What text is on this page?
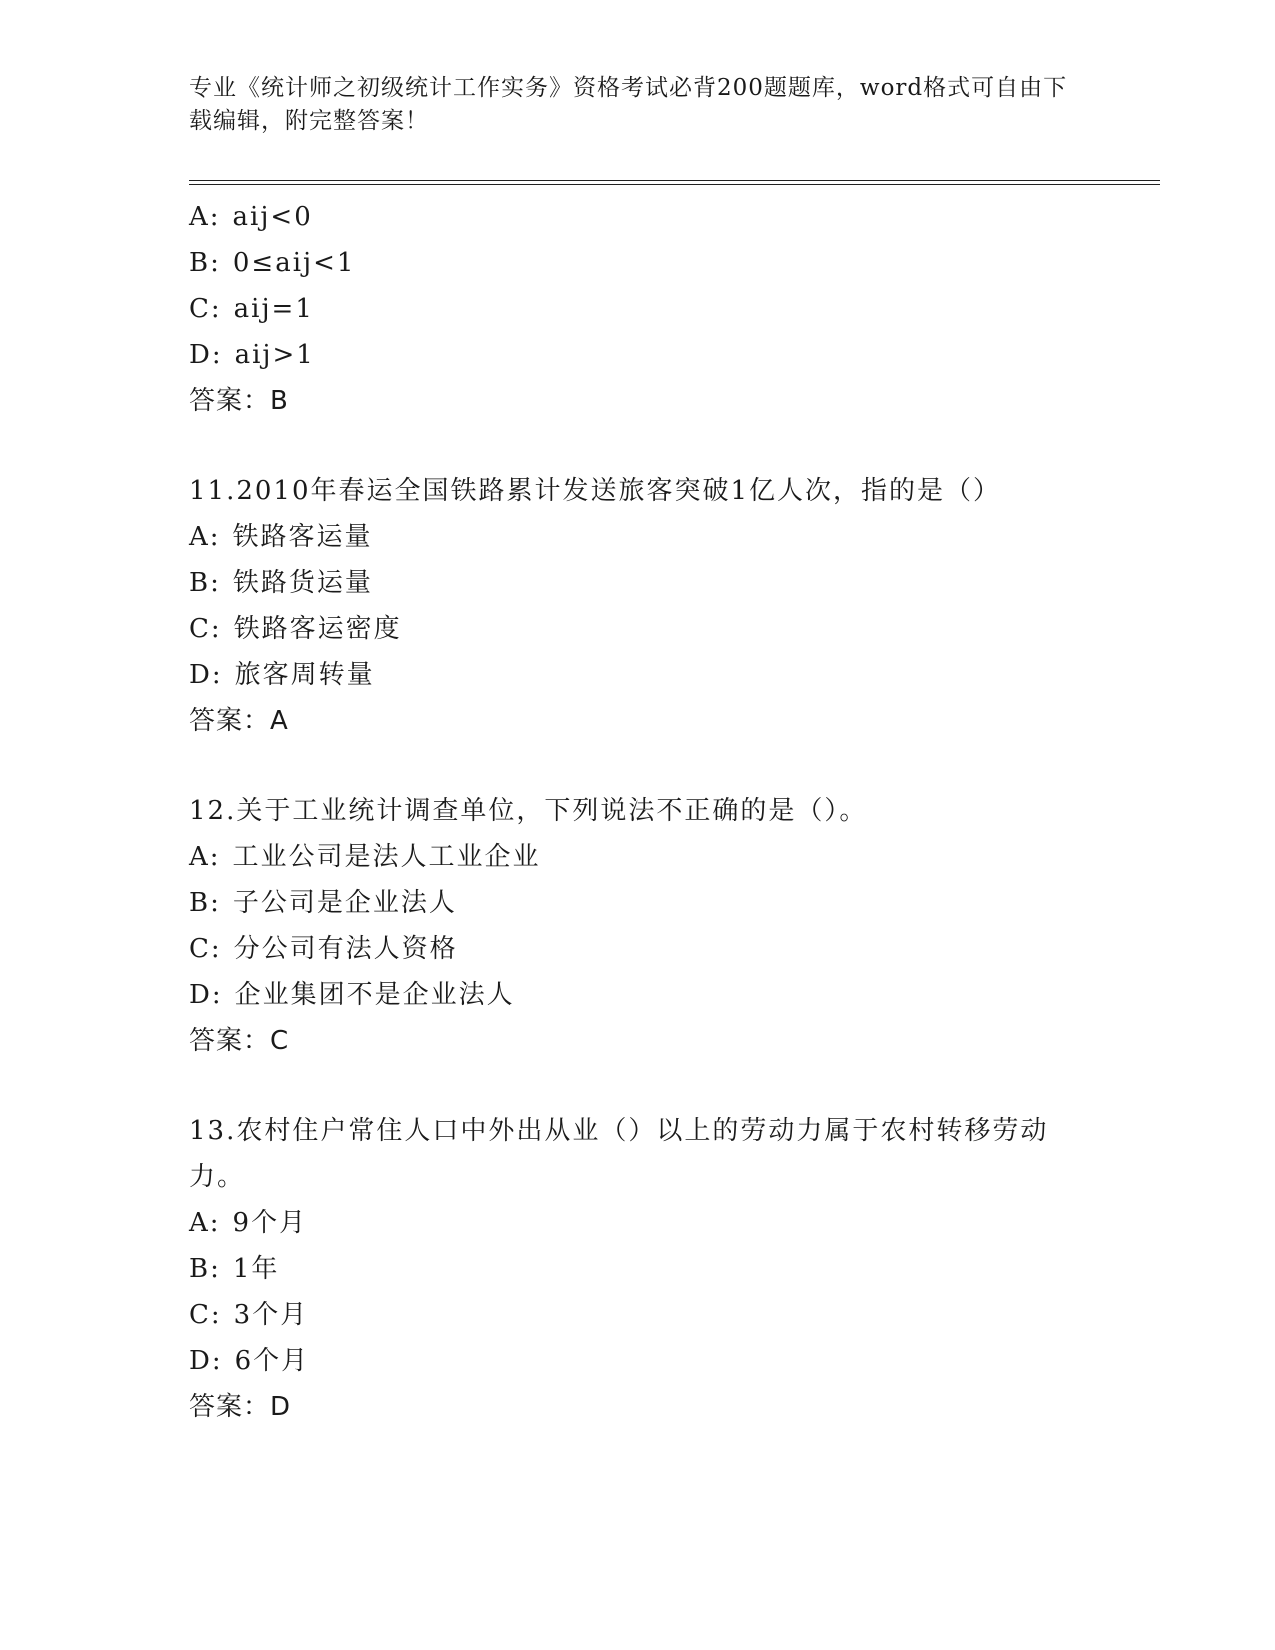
专业《统计师之初级统计工作实务》资格考试必背200题题库，word格式可自由下载编辑，附完整答案！
A: aij<0
B: 0≤aij<1
C: aij=1
D: aij>1
答案：B
11.2010年春运全国铁路累计发送旅客突破1亿人次，指的是（）
A: 铁路客运量
B: 铁路货运量
C: 铁路客运密度
D: 旅客周转量
答案：A
12.关于工业统计调查单位，下列说法不正确的是（）。
A: 工业公司是法人工业企业
B: 子公司是企业法人
C: 分公司有法人资格
D: 企业集团不是企业法人
答案：C
13.农村住户常住人口中外出从业（）以上的劳动力属于农村转移劳动力。
A: 9个月
B: 1年
C: 3个月
D: 6个月
答案：D
